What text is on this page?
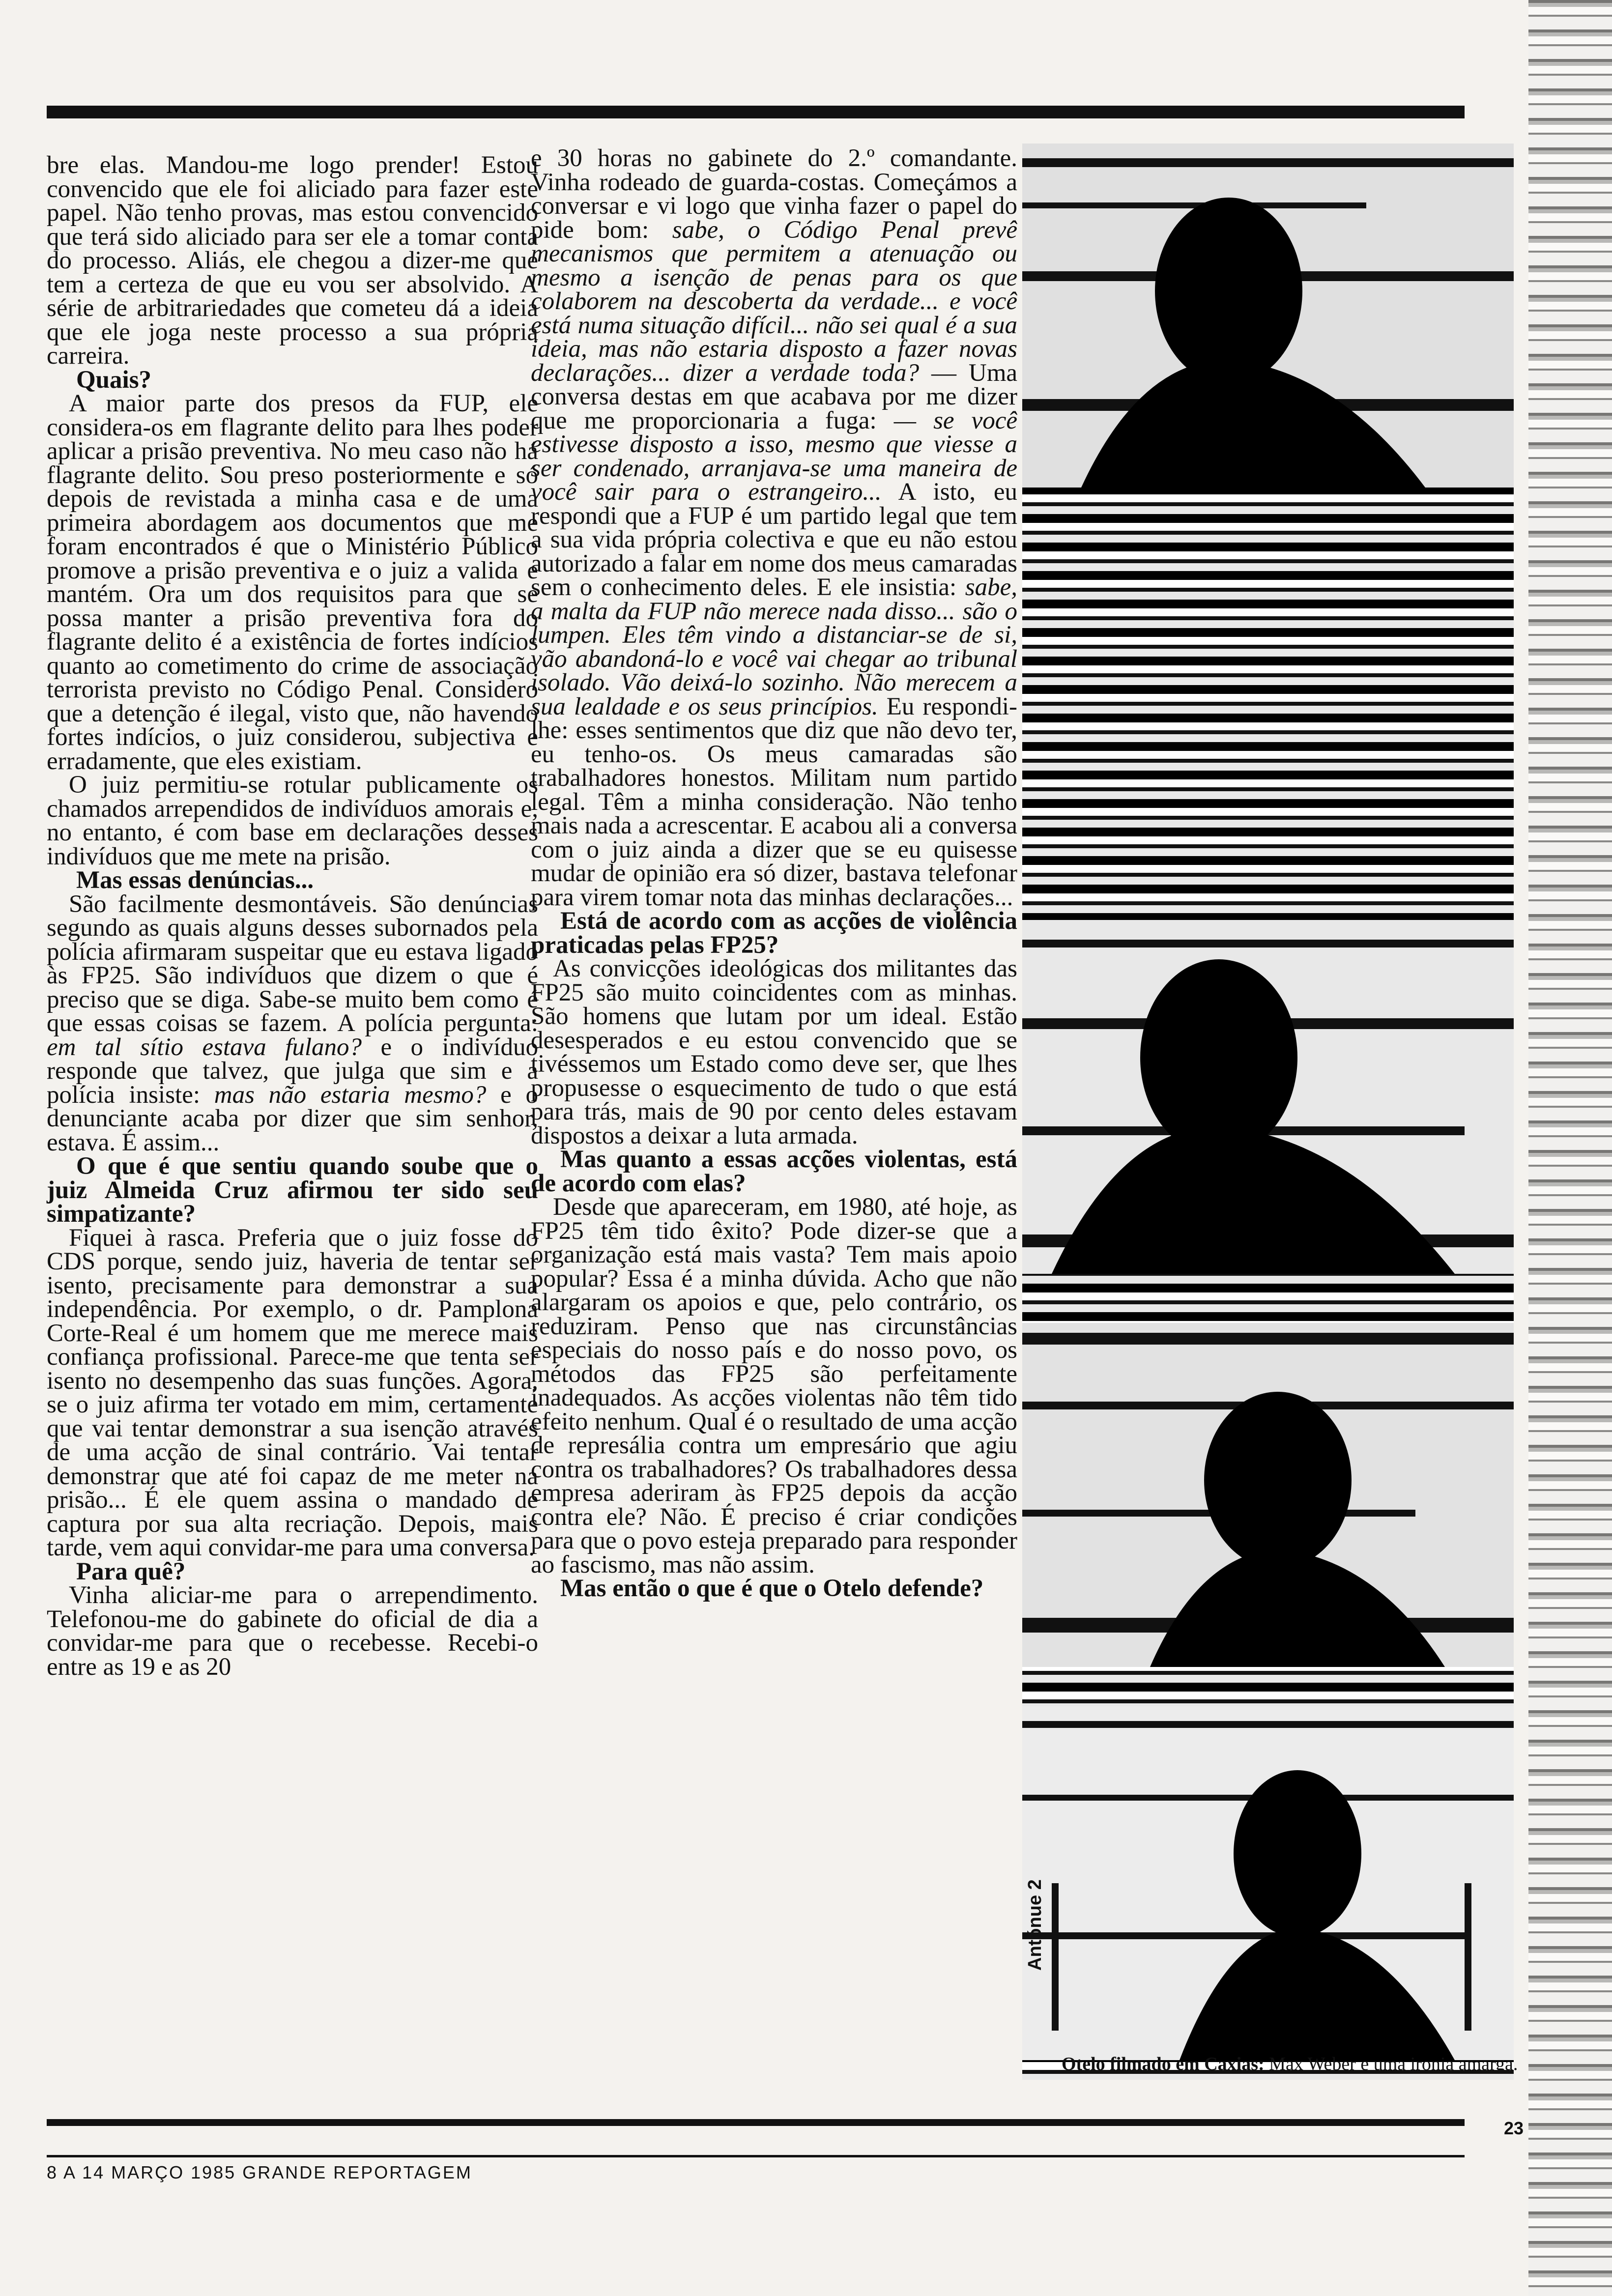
bre elas. Mandou-me logo prender! Estou convencido que ele foi aliciado para fazer este papel. Não tenho provas, mas estou convencido que terá sido aliciado para ser ele a tomar conta do processo. Aliás, ele chegou a dizer-me que tem a certeza de que eu vou ser absolvido. A série de arbitrariedades que cometeu dá a ideia que ele joga neste processo a sua própria carreira.

Quais?

A maior parte dos presos da FUP, ele considera-os em flagrante delito para lhes poder aplicar a prisão preventiva. No meu caso não há flagrante delito. Sou preso posteriormente e só depois de revistada a minha casa e de uma primeira abordagem aos documentos que me foram encontrados é que o Ministério Público promove a prisão preventiva e o juiz a valida e mantém. Ora um dos requisitos para que se possa manter a prisão preventiva fora do flagrante delito é a existência de fortes indícios quanto ao cometimento do crime de associação terrorista previsto no Código Penal. Considero que a detenção é ilegal, visto que, não havendo fortes indícios, o juiz considerou, subjectiva e erradamente, que eles existiam.

O juiz permitiu-se rotular publicamente os chamados arrependidos de indivíduos amorais e, no entanto, é com base em declarações desses indivíduos que me mete na prisão.

Mas essas denúncias...

São facilmente desmontáveis. São denúncias segundo as quais alguns desses subornados pela polícia afirmaram suspeitar que eu estava ligado às FP25. São indivíduos que dizem o que é preciso que se diga. Sabe-se muito bem como é que essas coisas se fazem. A polícia pergunta: em tal sítio estava fulano? e o indivíduo responde que talvez, que julga que sim e a polícia insiste: mas não estaria mesmo? e o denunciante acaba por dizer que sim senhor, estava. É assim...

O que é que sentiu quando soube que o juiz Almeida Cruz afirmou ter sido seu simpatizante?

Fiquei à rasca. Preferia que o juiz fosse do CDS porque, sendo juiz, haveria de tentar ser isento, precisamente para demonstrar a sua independência. Por exemplo, o dr. Pamplona Corte-Real é um homem que me merece mais confiança profissional. Parece-me que tenta ser isento no desempenho das suas funções. Agora, se o juiz afirma ter votado em mim, certamente que vai tentar demonstrar a sua isenção através de uma acção de sinal contrário. Vai tentar demonstrar que até foi capaz de me meter na prisão... É ele quem assina o mandado de captura por sua alta recriação. Depois, mais tarde, vem aqui convidar-me para uma conversa.

Para quê?

Vinha aliciar-me para o arrependimento. Telefonou-me do gabinete do oficial de dia a convidar-me para que o recebesse. Recebi-o entre as 19 e as 20

e 30 horas no gabinete do 2.º comandante. Vinha rodeado de guarda-costas. Começámos a conversar e vi logo que vinha fazer o papel do pide bom: sabe, o Código Penal prevê mecanismos que permitem a atenuação ou mesmo a isenção de penas para os que colaborem na descoberta da verdade... e você está numa situação difícil... não sei qual é a sua ideia, mas não estaria disposto a fazer novas declarações... dizer a verdade toda? — Uma conversa destas em que acabava por me dizer que me proporcionaria a fuga: — se você estivesse disposto a isso, mesmo que viesse a ser condenado, arranjava-se uma maneira de você sair para o estrangeiro... A isto, eu respondi que a FUP é um partido legal que tem a sua vida própria colectiva e que eu não estou autorizado a falar em nome dos meus camaradas sem o conhecimento deles. E ele insistia: sabe, a malta da FUP não merece nada disso... são o lumpen. Eles têm vindo a distanciar-se de si, vão abandoná-lo e você vai chegar ao tribunal isolado. Vão deixá-lo sozinho. Não merecem a sua lealdade e os seus princípios. Eu respondi-lhe: esses sentimentos que diz que não devo ter, eu tenho-os. Os meus camaradas são trabalhadores honestos. Militam num partido legal. Têm a minha consideração. Não tenho mais nada a acrescentar. E acabou ali a conversa com o juiz ainda a dizer que se eu quisesse mudar de opinião era só dizer, bastava telefonar para virem tomar nota das minhas declarações...

Está de acordo com as acções de violência praticadas pelas FP25?

As convicções ideológicas dos militantes das FP25 são muito coincidentes com as minhas. São homens que lutam por um ideal. Estão desesperados e eu estou convencido que se tivéssemos um Estado como deve ser, que lhes propusesse o esquecimento de tudo o que está para trás, mais de 90 por cento deles estavam dispostos a deixar a luta armada.

Mas quanto a essas acções violentas, está de acordo com elas?

Desde que apareceram, em 1980, até hoje, as FP25 têm tido êxito? Pode dizer-se que a organização está mais vasta? Tem mais apoio popular? Essa é a minha dúvida. Acho que não alargaram os apoios e que, pelo contrário, os reduziram. Penso que nas circunstâncias especiais do nosso país e do nosso povo, os métodos das FP25 são perfeitamente inadequados. As acções violentas não têm tido efeito nenhum. Qual é o resultado de uma acção de represália contra um empresário que agiu contra os trabalhadores? Os trabalhadores dessa empresa aderiram às FP25 depois da acção contra ele? Não. É preciso é criar condições para que o povo esteja preparado para responder ao fascismo, mas não assim.

Mas então o que é que o Otelo defende?

Antónue 2
Otelo filmado em Caxias: Max Weber e uma ironia amarga.
23
8 A 14 MARÇO 1985 GRANDE REPORTAGEM
